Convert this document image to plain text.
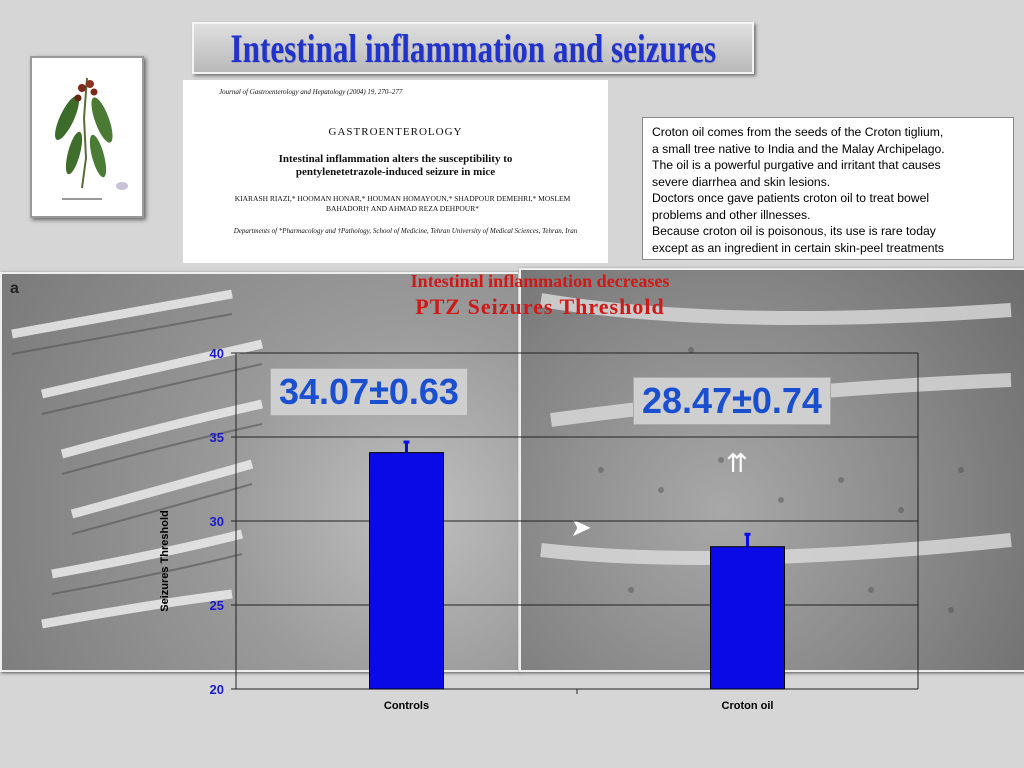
Intestinal inflammation and seizures
Journal of Gastroenterology and Hepatology (2004) 19, 270–277
GASTROENTEROLOGY
Intestinal inflammation alters the susceptibility to pentylenetetrazole-induced seizure in mice
KIARASH RIAZI,* HOOMAN HONAR,* HOUMAN HOMAYOUN,* SHADPOUR DEMEHRI,* MOSLEM BAHADORI† AND AHMAD REZA DEHPOUR*
Departments of *Pharmacology and †Pathology, School of Medicine, Tehran University of Medical Sciences, Tehran, Iran

Croton oil comes from the seeds of the Croton tiglium,

a small tree native to India and the Malay Archipelago.

The oil is a powerful purgative and irritant that causes

severe diarrhea and skin lesions.

Doctors once gave patients croton oil to treat bowel

problems and other illnesses.

Because croton oil is poisonous, its use is rare today

except as an ingredient in certain skin-peel treatments

a
➤
⇈
Intestinal inflammation decreases
PTZ Seizures Threshold
20
25
30
35
40
Seizures Threshold
Controls	Croton oil
34.07±0.63	28.47±0.74
